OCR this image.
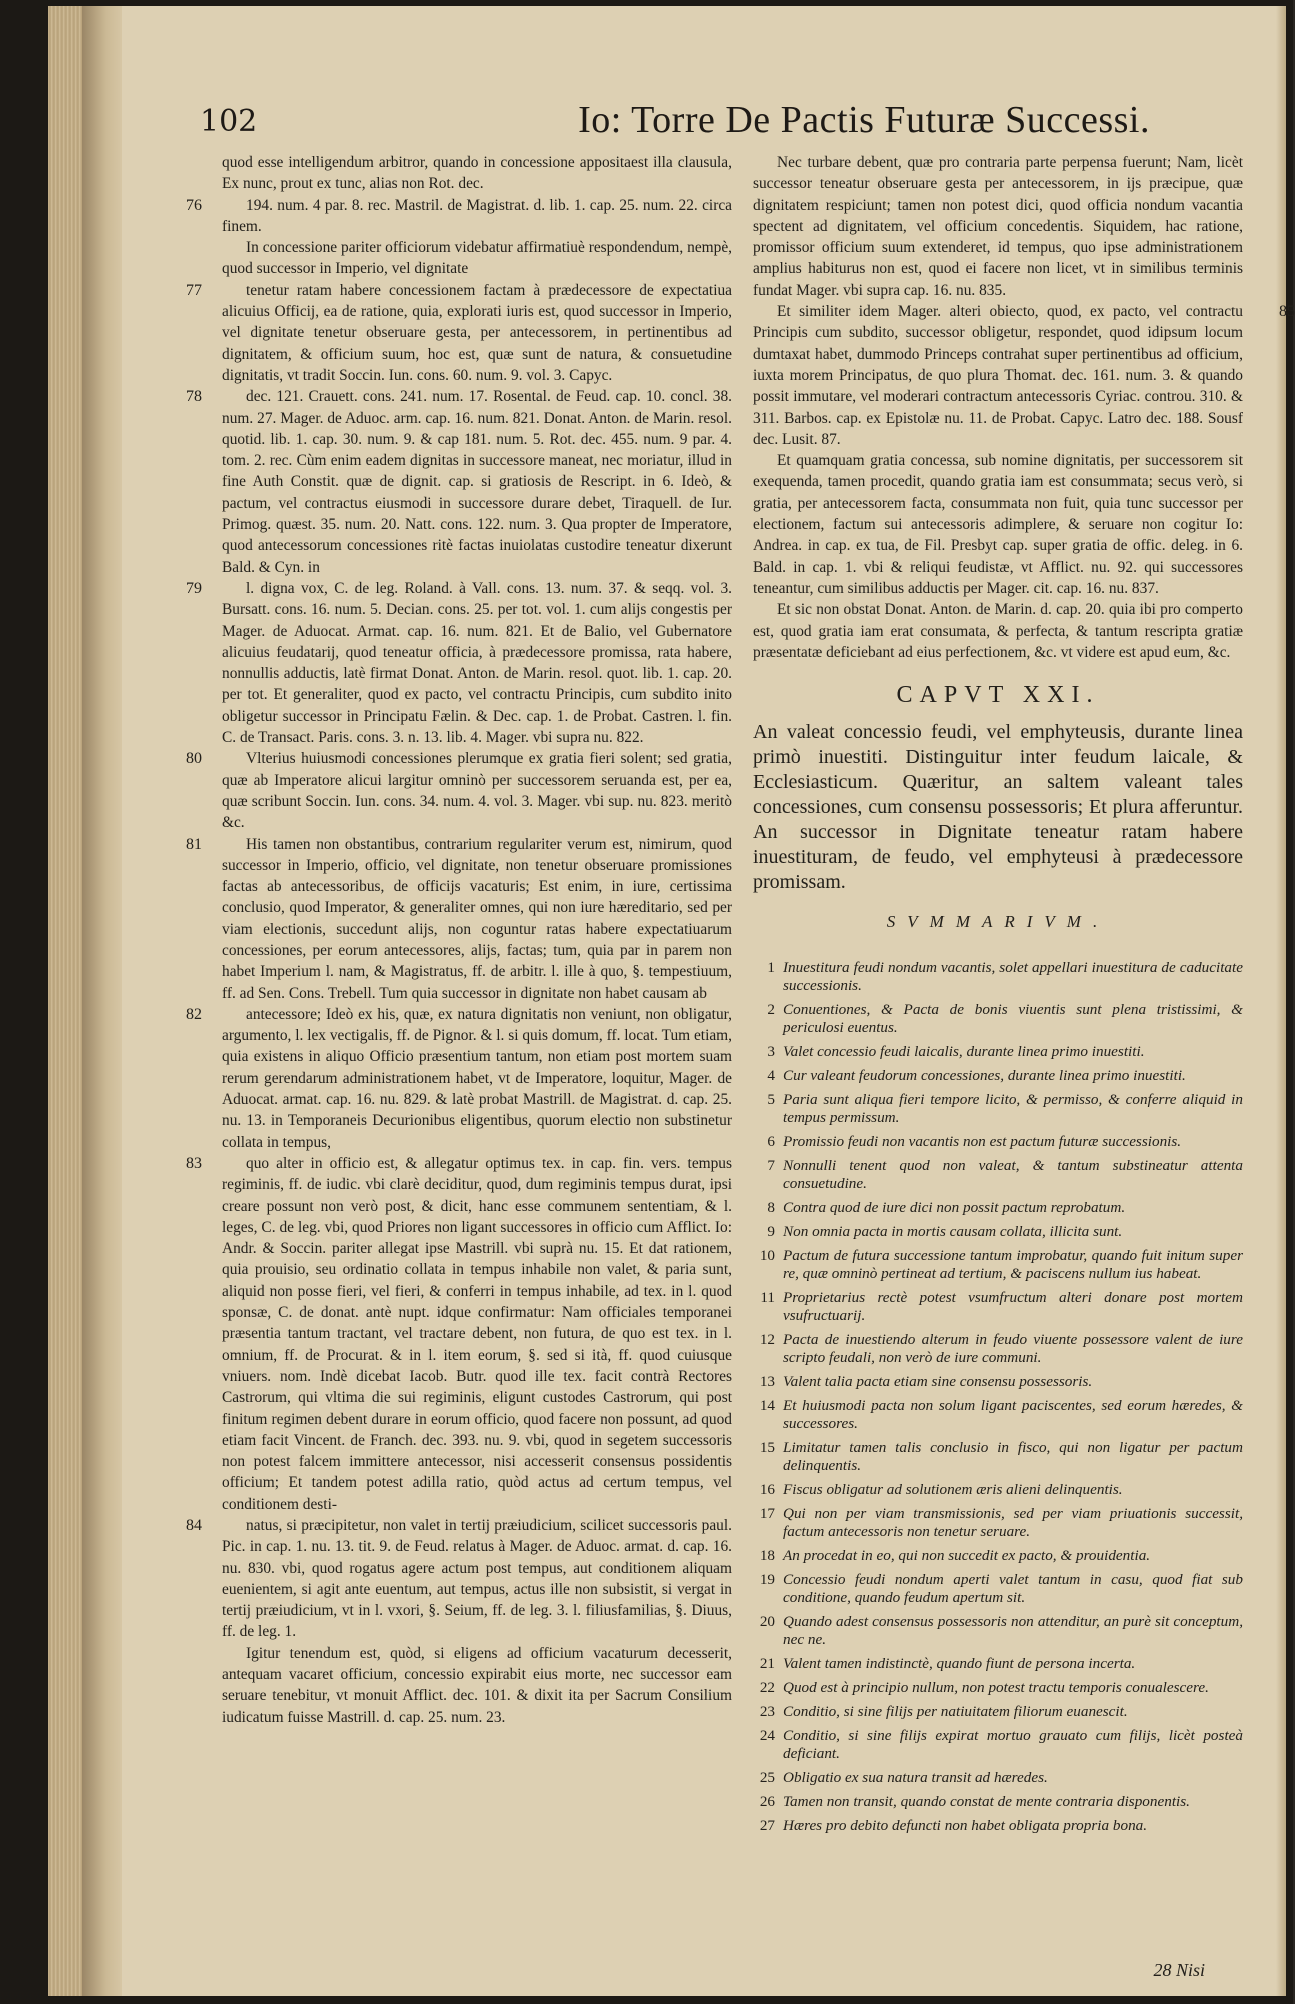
102	Io: Torre De Pactis Futuræ Successi.
quod esse intelligendum arbitror, quando in concessione appositaest illa clausula, Ex nunc, prout ex tunc, alias non Rot. dec.
76	194. num. 4 par. 8. rec. Mastril. de Magistrat. d. lib. 1. cap. 25. num. 22. circa finem.
In concessione pariter officiorum videbatur affirmatiuè respondendum, nempè, quod successor in Imperio, vel dignitate
77	tenetur ratam habere concessionem factam à prædecessore de expectatiua alicuius Officij, ea de ratione, quia, explorati iuris est, quod successor in Imperio, vel dignitate tenetur obseruare gesta, per antecessorem, in pertinentibus ad dignitatem, & officium suum, hoc est, quæ sunt de natura, & consuetudine dignitatis, vt tradit Soccin. Iun. cons. 60. num. 9. vol. 3. Capyc.
78	dec. 121. Crauett. cons. 241. num. 17. Rosental. de Feud. cap. 10. concl. 38. num. 27. Mager. de Aduoc. arm. cap. 16. num. 821. Donat. Anton. de Marin. resol. quotid. lib. 1. cap. 30. num. 9. & cap 181. num. 5. Rot. dec. 455. num. 9 par. 4. tom. 2. rec. Cùm enim eadem dignitas in successore maneat, nec moriatur, illud in fine Auth Constit. quæ de dignit. cap. si gratiosis de Rescript. in 6. Ideò, & pactum, vel contractus eiusmodi in successore durare debet, Tiraquell. de Iur. Primog. quæst. 35. num. 20. Natt. cons. 122. num. 3. Qua propter de Imperatore, quod antecessorum concessiones ritè factas inuiolatas custodire teneatur dixerunt Bald. & Cyn. in
79	l. digna vox, C. de leg. Roland. à Vall. cons. 13. num. 37. & seqq. vol. 3. Bursatt. cons. 16. num. 5. Decian. cons. 25. per tot. vol. 1. cum alijs congestis per Mager. de Aduocat. Armat. cap. 16. num. 821. Et de Balio, vel Gubernatore alicuius feudatarij, quod teneatur officia, à prædecessore promissa, rata habere, nonnullis adductis, latè firmat Donat. Anton. de Marin. resol. quot. lib. 1. cap. 20. per tot. Et generaliter, quod ex pacto, vel contractu Principis, cum subdito inito obligetur successor in Principatu Fælin. & Dec. cap. 1. de Probat. Castren. l. fin. C. de Transact. Paris. cons. 3. n. 13. lib. 4. Mager. vbi supra nu. 822.
80	Vlterius huiusmodi concessiones plerumque ex gratia fieri solent; sed gratia, quæ ab Imperatore alicui largitur omninò per successorem seruanda est, per ea, quæ scribunt Soccin. Iun. cons. 34. num. 4. vol. 3. Mager. vbi sup. nu. 823. meritò &c.
81	His tamen non obstantibus, contrarium regulariter verum est, nimirum, quod successor in Imperio, officio, vel dignitate, non tenetur obseruare promissiones factas ab antecessoribus, de officijs vacaturis; Est enim, in iure, certissima conclusio, quod Imperator, & generaliter omnes, qui non iure hæreditario, sed per viam electionis, succedunt alijs, non coguntur ratas habere expectatiuarum concessiones, per eorum antecessores, alijs, factas; tum, quia par in parem non habet Imperium l. nam, & Magistratus, ff. de arbitr. l. ille à quo, §. tempestiuum, ff. ad Sen. Cons. Trebell. Tum quia successor in dignitate non habet causam ab
82	antecessore; Ideò ex his, quæ, ex natura dignitatis non veniunt, non obligatur, argumento, l. lex vectigalis, ff. de Pignor. & l. si quis domum, ff. locat. Tum etiam, quia existens in aliquo Officio præsentium tantum, non etiam post mortem suam rerum gerendarum administrationem habet, vt de Imperatore, loquitur, Mager. de Aduocat. armat. cap. 16. nu. 829. & latè probat Mastrill. de Magistrat. d. cap. 25. nu. 13. in Temporaneis Decurionibus eligentibus, quorum electio non substinetur collata in tempus,
83	quo alter in officio est, & allegatur optimus tex. in cap. fin. vers. tempus regiminis, ff. de iudic. vbi clarè deciditur, quod, dum regiminis tempus durat, ipsi creare possunt non verò post, & dicit, hanc esse communem sententiam, & l. leges, C. de leg. vbi, quod Priores non ligant successores in officio cum Afflict. Io: Andr. & Soccin. pariter allegat ipse Mastrill. vbi suprà nu. 15. Et dat rationem, quia prouisio, seu ordinatio collata in tempus inhabile non valet, & paria sunt, aliquid non posse fieri, vel fieri, & conferri in tempus inhabile, ad tex. in l. quod sponsæ, C. de donat. antè nupt. idque confirmatur: Nam officiales temporanei præsentia tantum tractant, vel tractare debent, non futura, de quo est tex. in l. omnium, ff. de Procurat. & in l. item eorum, §. sed si ità, ff. quod cuiusque vniuers. nom. Indè dicebat Iacob. Butr. quod ille tex. facit contrà Rectores Castrorum, qui vltima die sui regiminis, eligunt custodes Castrorum, qui post finitum regimen debent durare in eorum officio, quod facere non possunt, ad quod etiam facit Vincent. de Franch. dec. 393. nu. 9. vbi, quod in segetem successoris non potest falcem immittere antecessor, nisi accesserit consensus possidentis officium; Et tandem potest adilla ratio, quòd actus ad certum tempus, vel conditionem desti-
84	natus, si præcipitetur, non valet in tertij præiudicium, scilicet successoris paul. Pic. in cap. 1. nu. 13. tit. 9. de Feud. relatus à Mager. de Aduoc. armat. d. cap. 16. nu. 830. vbi, quod rogatus agere actum post tempus, aut conditionem aliquam euenientem, si agit ante euentum, aut tempus, actus ille non subsistit, si vergat in tertij præiudicium, vt in l. vxori, §. Seium, ff. de leg. 3. l. filiusfamilias, §. Diuus, ff. de leg. 1.
Igitur tenendum est, quòd, si eligens ad officium vacaturum decesserit, antequam vacaret officium, concessio expirabit eius morte, nec successor eam seruare tenebitur, vt monuit Afflict. dec. 101. & dixit ita per Sacrum Consilium iudicatum fuisse Mastrill. d. cap. 25. num. 23.
Nec turbare debent, quæ pro contraria parte perpensa fuerunt; Nam, licèt successor teneatur obseruare gesta per antecessorem, in ijs præcipue, quæ dignitatem respiciunt; tamen non potest dici, quod officia nondum vacantia spectent ad dignitatem, vel officium concedentis. Siquidem, hac ratione, promissor officium suum extenderet, id tempus, quo ipse administrationem amplius habiturus non est, quod ei facere non licet, vt in similibus terminis fundat Mager. vbi supra cap. 16. nu. 835.
85
Et similiter idem Mager. alteri obiecto, quod, ex pacto, vel contractu Principis cum subdito, successor obligetur, respondet, quod idipsum locum dumtaxat habet, dummodo Princeps contrahat super pertinentibus ad officium, iuxta morem Principatus, de quo plura Thomat. dec. 161. num. 3. & quando possit immutare, vel moderari contractum antecessoris Cyriac. controu. 310. & 311. Barbos. cap. ex Epistolæ nu. 11. de Probat. Capyc. Latro dec. 188. Sousf dec. Lusit. 87.
Et quamquam gratia concessa, sub nomine dignitatis, per successorem sit exequenda, tamen procedit, quando gratia iam est consummata; secus verò, si gratia, per antecessorem facta, consummata non fuit, quia tunc successor per electionem, factum sui antecessoris adimplere, & seruare non cogitur Io: Andrea. in cap. ex tua, de Fil. Presbyt cap. super gratia de offic. deleg. in 6. Bald. in cap. 1. vbi & reliqui feudistæ, vt Afflict. nu. 92. qui successores teneantur, cum similibus adductis per Mager. cit. cap. 16. nu. 837.
Et sic non obstat Donat. Anton. de Marin. d. cap. 20. quia ibi pro comperto est, quod gratia iam erat consumata, & perfecta, & tantum rescripta gratiæ præsentatæ deficiebant ad eius perfectionem, &c. vt videre est apud eum, &c.
CAPVT XXI.
An valeat concessio feudi, vel emphyteusis, durante linea primò inuestiti. Distinguitur inter feudum laicale, & Ecclesiasticum. Quæritur, an saltem valeant tales concessiones, cum consensu possessoris; Et plura afferuntur. An successor in Dignitate teneatur ratam habere inuestituram, de feudo, vel emphyteusi à prædecessore promissam.
SVMMARIVM.
1 Inuestitura feudi nondum vacantis, solet appellari inuestitura de caducitate successionis.
2 Conuentiones, & Pacta de bonis viuentis sunt plena tristissimi, & periculosi euentus.
3 Valet concessio feudi laicalis, durante linea primo inuestiti.
4 Cur valeant feudorum concessiones, durante linea primo inuestiti.
5 Paria sunt aliqua fieri tempore licito, & permisso, & conferre aliquid in tempus permissum.
6 Promissio feudi non vacantis non est pactum futuræ successionis.
7 Nonnulli tenent quod non valeat, & tantum substineatur attenta consuetudine.
8 Contra quod de iure dici non possit pactum reprobatum.
9 Non omnia pacta in mortis causam collata, illicita sunt.
10 Pactum de futura successione tantum improbatur, quando fuit initum super re, quæ omninò pertineat ad tertium, & paciscens nullum ius habeat.
11 Proprietarius rectè potest vsumfructum alteri donare post mortem vsufructuarij.
12 Pacta de inuestiendo alterum in feudo viuente possessore valent de iure scripto feudali, non verò de iure communi.
13 Valent talia pacta etiam sine consensu possessoris.
14 Et huiusmodi pacta non solum ligant paciscentes, sed eorum hæredes, & successores.
15 Limitatur tamen talis conclusio in fisco, qui non ligatur per pactum delinquentis.
16 Fiscus obligatur ad solutionem æris alieni delinquentis.
17 Qui non per viam transmissionis, sed per viam priuationis successit, factum antecessoris non tenetur seruare.
18 An procedat in eo, qui non succedit ex pacto, & prouidentia.
19 Concessio feudi nondum aperti valet tantum in casu, quod fiat sub conditione, quando feudum apertum sit.
20 Quando adest consensus possessoris non attenditur, an purè sit conceptum, nec ne.
21 Valent tamen indistinctè, quando fiunt de persona incerta.
22 Quod est à principio nullum, non potest tractu temporis conualescere.
23 Conditio, si sine filijs per natiuitatem filiorum euanescit.
24 Conditio, si sine filijs expirat mortuo grauato cum filijs, licèt posteà deficiant.
25 Obligatio ex sua natura transit ad hæredes.
26 Tamen non transit, quando constat de mente contraria disponentis.
27 Hæres pro debito defuncti non habet obligata propria bona.
28 Nisi
